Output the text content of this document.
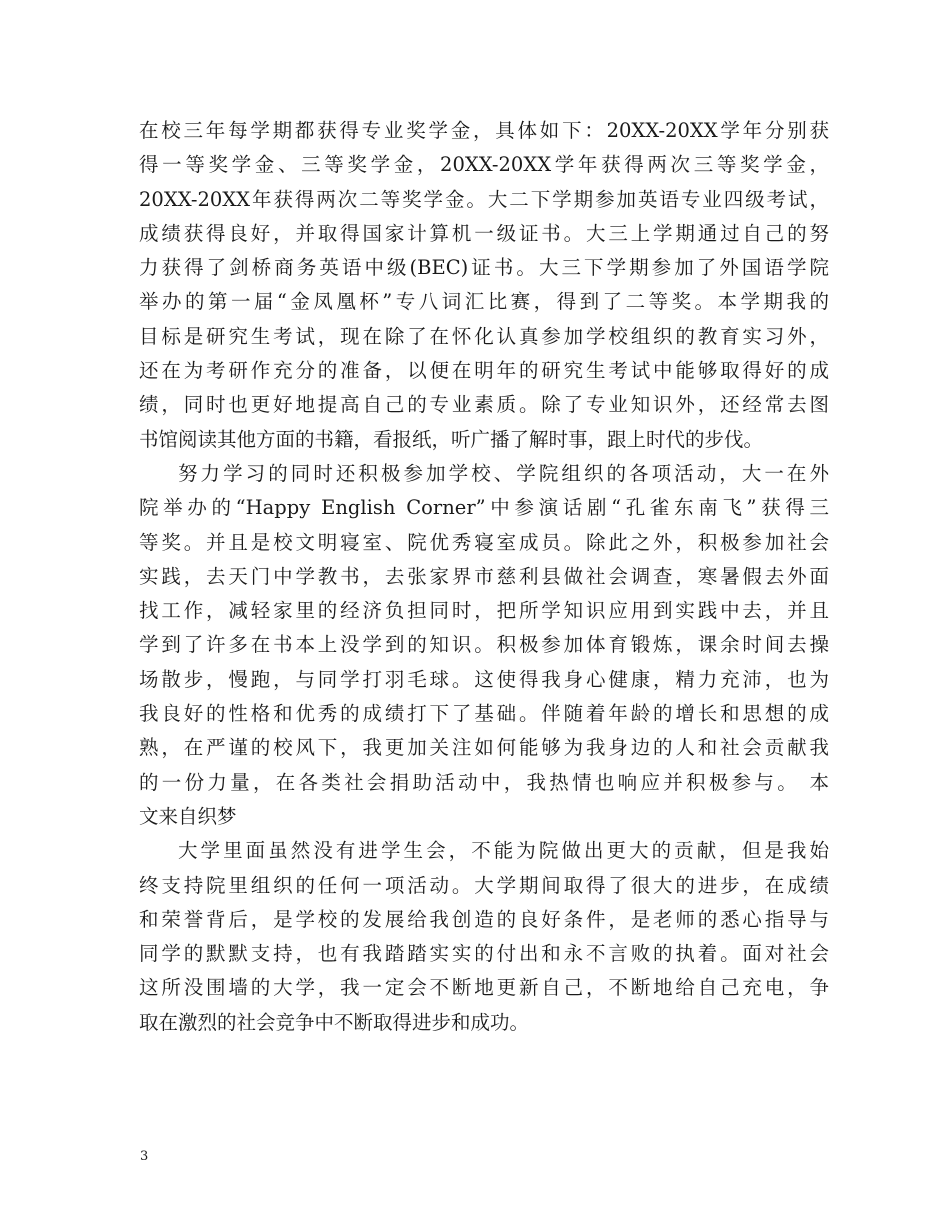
在校三年每学期都获得专业奖学金，具体如下：20XX-20XX学年分别获
得一等奖学金、三等奖学金，20XX-20XX学年获得两次三等奖学金，
20XX-20XX年获得两次二等奖学金。大二下学期参加英语专业四级考试，
成绩获得良好，并取得国家计算机一级证书。大三上学期通过自己的努
力获得了剑桥商务英语中级(BEC)证书。大三下学期参加了外国语学院
举办的第一届“金凤凰杯”专八词汇比赛，得到了二等奖。本学期我的
目标是研究生考试，现在除了在怀化认真参加学校组织的教育实习外，
还在为考研作充分的准备，以便在明年的研究生考试中能够取得好的成
绩，同时也更好地提高自己的专业素质。除了专业知识外，还经常去图
书馆阅读其他方面的书籍，看报纸，听广播了解时事，跟上时代的步伐。
努力学习的同时还积极参加学校、学院组织的各项活动，大一在外
院举办的“Happy English Corner”中参演话剧“孔雀东南飞”获得三
等奖。并且是校文明寝室、院优秀寝室成员。除此之外，积极参加社会
实践，去天门中学教书，去张家界市慈利县做社会调查，寒暑假去外面
找工作，减轻家里的经济负担同时，把所学知识应用到实践中去，并且
学到了许多在书本上没学到的知识。积极参加体育锻炼，课余时间去操
场散步，慢跑，与同学打羽毛球。这使得我身心健康，精力充沛，也为
我良好的性格和优秀的成绩打下了基础。伴随着年龄的增长和思想的成
熟，在严谨的校风下，我更加关注如何能够为我身边的人和社会贡献我
的一份力量，在各类社会捐助活动中，我热情也响应并积极参与。 本
文来自织梦
大学里面虽然没有进学生会，不能为院做出更大的贡献，但是我始
终支持院里组织的任何一项活动。大学期间取得了很大的进步，在成绩
和荣誉背后，是学校的发展给我创造的良好条件，是老师的悉心指导与
同学的默默支持，也有我踏踏实实的付出和永不言败的执着。面对社会
这所没围墙的大学，我一定会不断地更新自己，不断地给自己充电，争
取在激烈的社会竞争中不断取得进步和成功。
3
